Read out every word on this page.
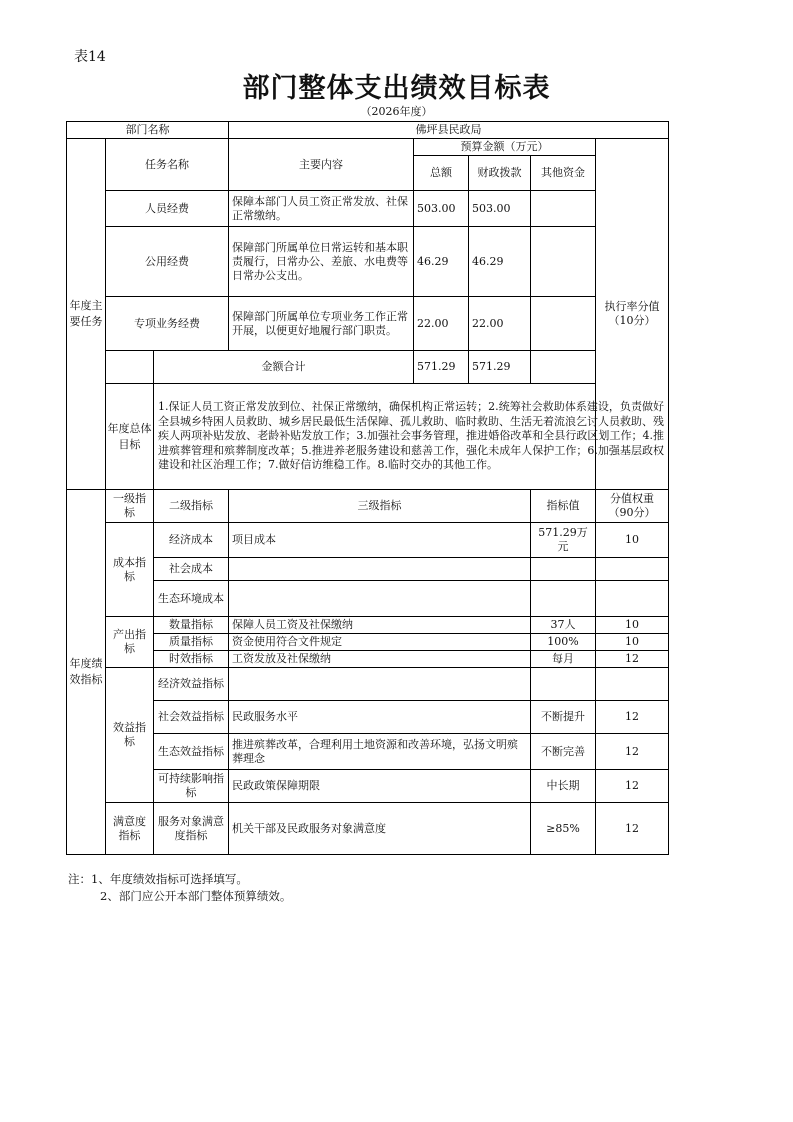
表14
部门整体支出绩效目标表
（2026年度）
部门名称			佛坪县民政局				
年度主要任务	任务名称		主要内容	预算金额（万元）			执行率分值（10分）
				总额	财政拨款	其他资金	
	人员经费		保障本部门人员工资正常发放、社保正常缴纳。	503.00	503.00		
	公用经费		保障部门所属单位日常运转和基本职责履行，日常办公、差旅、水电费等日常办公支出。	46.29	46.29		
	专项业务经费		保障部门所属单位专项业务工作正常开展，以便更好地履行部门职责。	22.00	22.00		
		金额合计		571.29	571.29		
	年度总体目标	1.保证人员工资正常发放到位、社保正常缴纳，确保机构正常运转；2.统筹社会救助体系建设，负责做好全县城乡特困人员救助、城乡居民最低生活保障、孤儿救助、临时救助、生活无着流浪乞讨人员救助、残疾人两项补贴发放、老龄补贴发放工作；3.加强社会事务管理，推进婚俗改革和全县行政区划工作；4.推进殡葬管理和殡葬制度改革；5.推进养老服务建设和慈善工作，强化未成年人保护工作；6.加强基层政权建设和社区治理工作；7.做好信访维稳工作。8.临时交办的其他工作。					
年度绩效指标	一级指标	二级指标	三级指标			指标值	分值权重（90分）
	成本指标	经济成本	项目成本			571.29万元	10
		社会成本					
		生态环境成本					
	产出指标	数量指标	保障人员工资及社保缴纳			37人	10
		质量指标	资金使用符合文件规定			100%	10
		时效指标	工资发放及社保缴纳			每月	12
	效益指标	经济效益指标					
		社会效益指标	民政服务水平			不断提升	12
		生态效益指标	推进殡葬改革，合理利用土地资源和改善环境，弘扬文明殡葬理念			不断完善	12
		可持续影响指标	民政政策保障期限			中长期	12
	满意度指标	服务对象满意度指标	机关干部及民政服务对象满意度			≥85%	12
注：1、年度绩效指标可选择填写。
2、部门应公开本部门整体预算绩效。
